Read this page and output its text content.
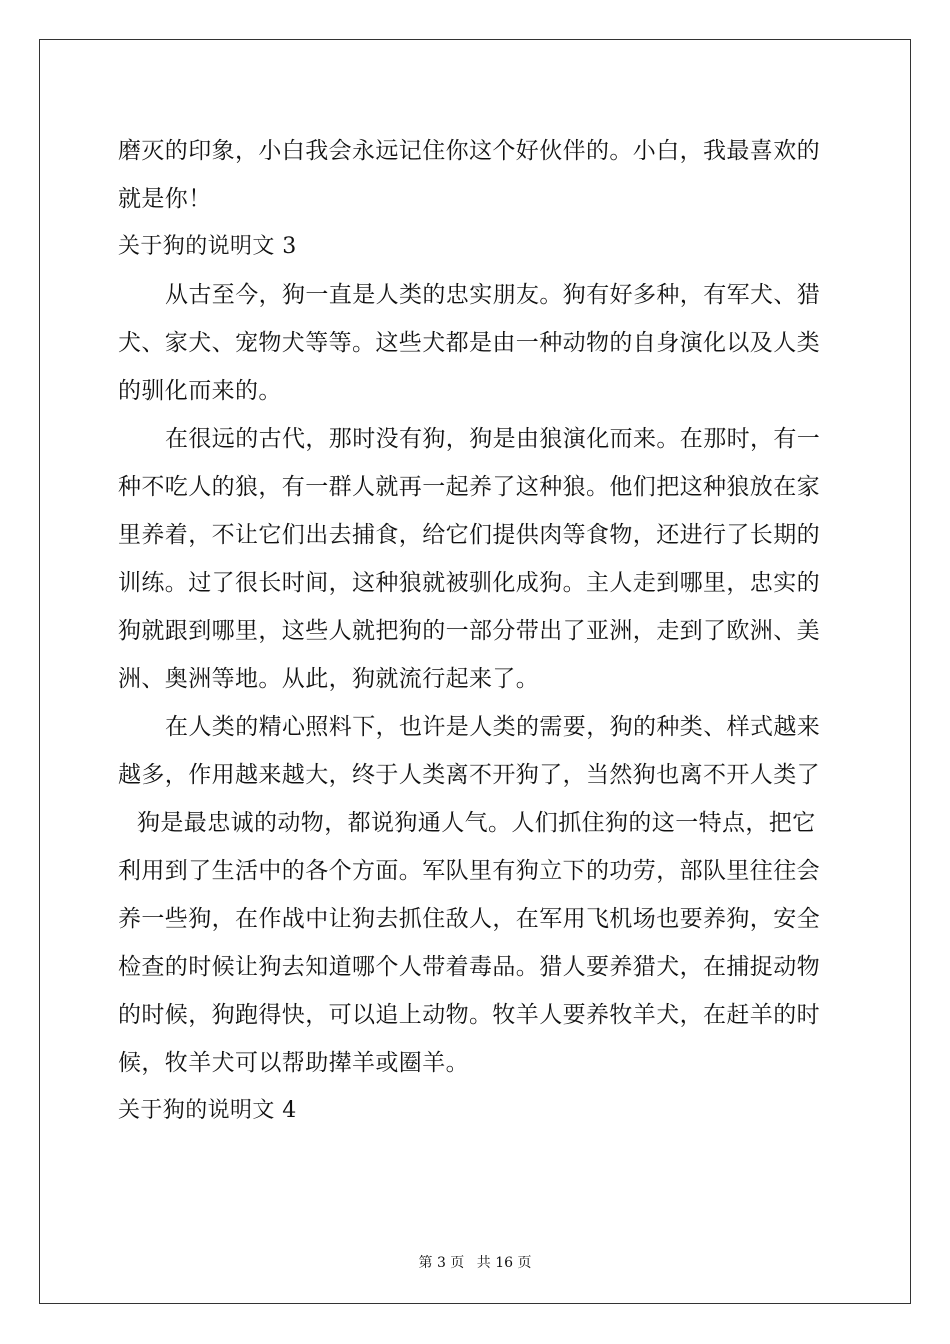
磨灭的印象，小白我会永远记住你这个好伙伴的。小白，我最喜欢的
就是你！
关于狗的说明文 3
从古至今，狗一直是人类的忠实朋友。狗有好多种，有军犬、猎
犬、家犬、宠物犬等等。这些犬都是由一种动物的自身演化以及人类
的驯化而来的。
在很远的古代，那时没有狗，狗是由狼演化而来。在那时，有一
种不吃人的狼，有一群人就再一起养了这种狼。他们把这种狼放在家
里养着，不让它们出去捕食，给它们提供肉等食物，还进行了长期的
训练。过了很长时间，这种狼就被驯化成狗。主人走到哪里，忠实的
狗就跟到哪里，这些人就把狗的一部分带出了亚洲，走到了欧洲、美
洲、奥洲等地。从此，狗就流行起来了。
在人类的精心照料下，也许是人类的需要，狗的种类、样式越来
越多，作用越来越大，终于人类离不开狗了，当然狗也离不开人类了
狗是最忠诚的动物，都说狗通人气。人们抓住狗的这一特点，把它
利用到了生活中的各个方面。军队里有狗立下的功劳，部队里往往会
养一些狗，在作战中让狗去抓住敌人，在军用飞机场也要养狗，安全
检查的时候让狗去知道哪个人带着毒品。猎人要养猎犬，在捕捉动物
的时候，狗跑得快，可以追上动物。牧羊人要养牧羊犬，在赶羊的时
候，牧羊犬可以帮助撵羊或圈羊。
关于狗的说明文 4
第 3 页 共 16 页
